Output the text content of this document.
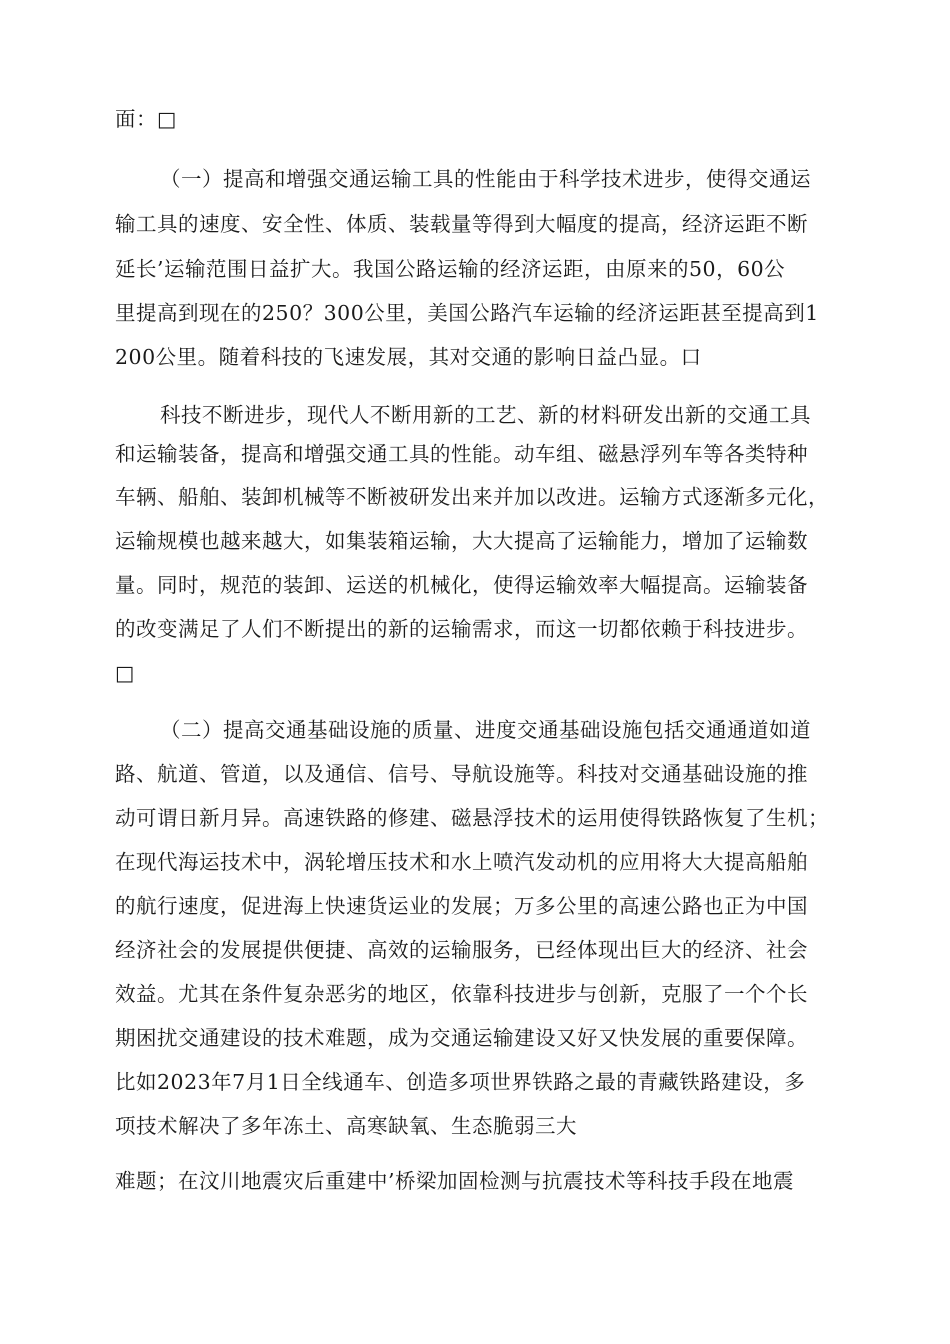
面：□
（一）提高和增强交通运输工具的性能由于科学技术进步，使得交通运
输工具的速度、安全性、体质、装载量等得到大幅度的提高，经济运距不断
延长’运输范围日益扩大。我国公路运输的经济运距，由原来的50，60公
里提高到现在的250？300公里，美国公路汽车运输的经济运距甚至提高到1
200公里。随着科技的飞速发展，其对交通的影响日益凸显。口
科技不断进步，现代人不断用新的工艺、新的材料研发出新的交通工具
和运输装备，提高和增强交通工具的性能。动车组、磁悬浮列车等各类特种
车辆、船舶、装卸机械等不断被研发出来并加以改进。运输方式逐渐多元化，
运输规模也越来越大，如集装箱运输，大大提高了运输能力，增加了运输数
量。同时，规范的装卸、运送的机械化，使得运输效率大幅提高。运输装备
的改变满足了人们不断提出的新的运输需求，而这一切都依赖于科技进步。
□
（二）提高交通基础设施的质量、进度交通基础设施包括交通通道如道
路、航道、管道，以及通信、信号、导航设施等。科技对交通基础设施的推
动可谓日新月异。高速铁路的修建、磁悬浮技术的运用使得铁路恢复了生机；
在现代海运技术中，涡轮增压技术和水上喷汽发动机的应用将大大提高船舶
的航行速度，促进海上快速货运业的发展；万多公里的高速公路也正为中国
经济社会的发展提供便捷、高效的运输服务，已经体现出巨大的经济、社会
效益。尤其在条件复杂恶劣的地区，依靠科技进步与创新，克服了一个个长
期困扰交通建设的技术难题，成为交通运输建设又好又快发展的重要保障。
比如2023年7月1日全线通车、创造多项世界铁路之最的青藏铁路建设，多
项技术解决了多年冻土、高寒缺氧、生态脆弱三大
难题；在汶川地震灾后重建中’桥梁加固检测与抗震技术等科技手段在地震
